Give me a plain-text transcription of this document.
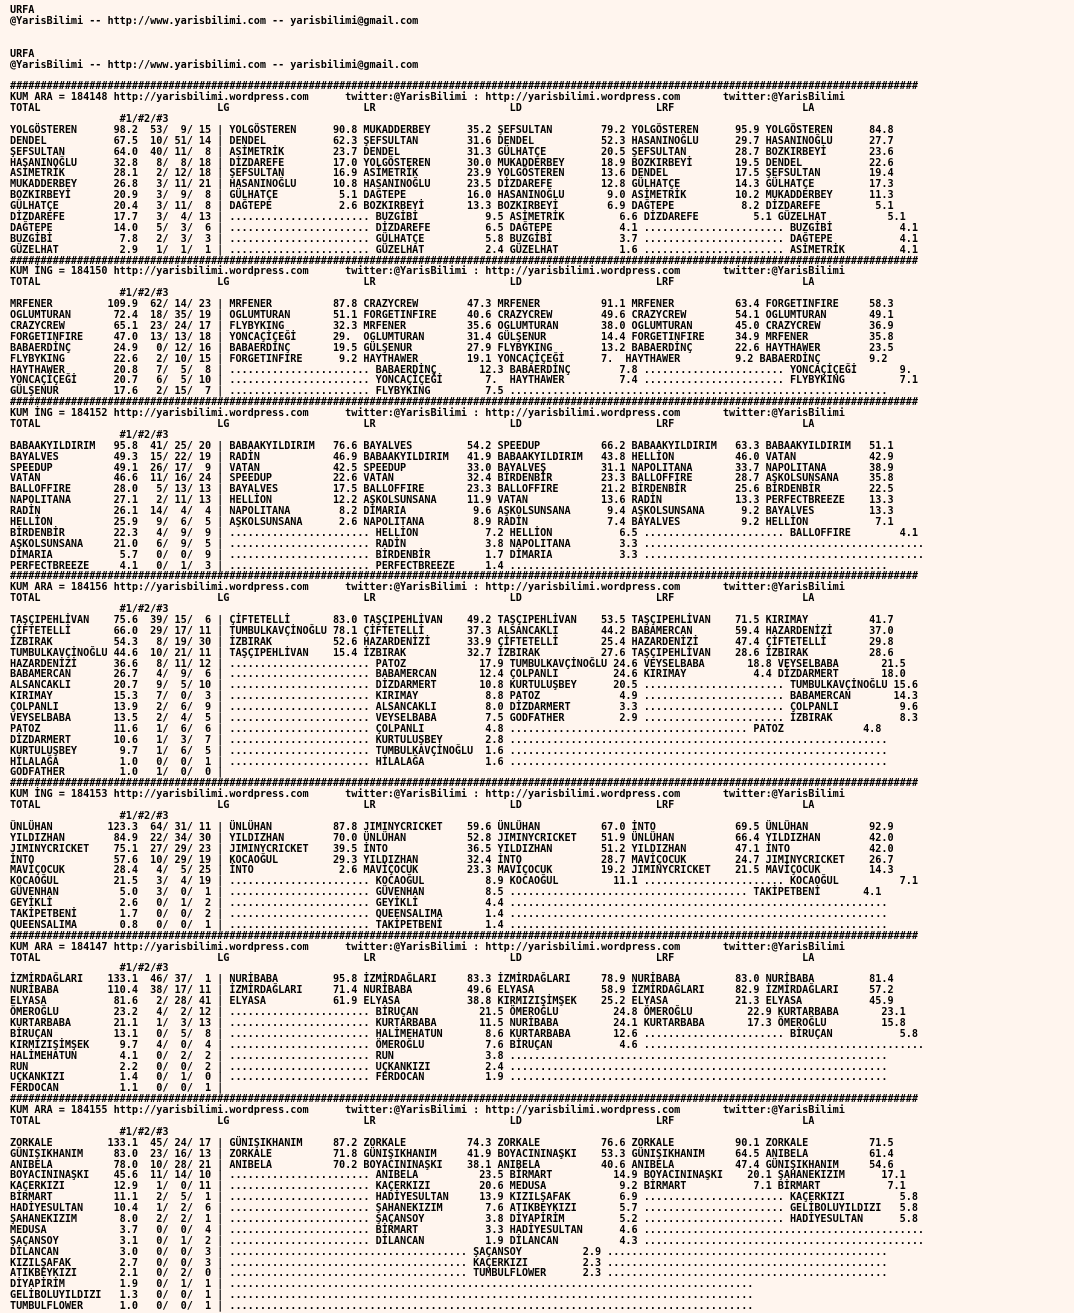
URFA
@YarisBilimi -- http://www.yarisbilimi.com -- yarisbilimi@gmail.com

URFA
@YarisBilimi -- http://www.yarisbilimi.com -- yarisbilimi@gmail.com

#####################################################################################################################################################
KUM ARA = 184148 http://yarisbilimi.wordpress.com      twitter:@YarisBilimi : http://yarisbilimi.wordpress.com       twitter:@YarisBilimi
TOTAL                             LG                      LR                      LD                      LRF                     LA
#1/#2/#3
YOLGÖSTEREN      98.2  53/  9/ 15 | YOLGÖSTEREN      90.8 MUKADDERBEY      35.2 ŞEFSULTAN        79.2 YOLGÖSTEREN      95.9 YOLGÖSTEREN      84.8
DENDEL           67.5  10/ 51/ 14 | DENDEL           62.3 ŞEFSULTAN        31.6 DENDEL           52.3 HASANINOĞLU      29.7 HASANINOĞLU      27.7
ŞEFSULTAN        64.0  40/ 11/  8 | ASİMETRİK        23.7 DENDEL           31.3 GÜLHATÇE         20.5 ŞEFSULTAN        28.7 BOZKIRBEYİ       23.6
HASANINOĞLU      32.8   8/  8/ 18 | DİZDAREFE        17.0 YOLGÖSTEREN      30.0 MUKADDERBEY      18.9 BOZKIRBEYİ       19.5 DENDEL           22.6
ASİMETRİK        28.1   2/ 12/ 18 | ŞEFSULTAN        16.9 ASİMETRİK        23.9 YOLGÖSTEREN      13.6 DENDEL           17.5 ŞEFSULTAN        19.4
MUKADDERBEY      26.8   3/ 11/ 21 | HASANINOĞLU      10.8 HASANINOĞLU      23.5 DİZDAREFE        12.8 GÜLHATÇE         14.3 GÜLHATÇE         17.3
BOZKIRBEYİ       20.9   3/  9/  8 | GÜLHATÇE          5.1 DAĞTEPE          16.0 HASANINOĞLU       9.0 ASİMETRİK        10.2 MUKADDERBEY      11.3
GÜLHATÇE         20.4   3/ 11/  8 | DAĞTEPE           2.6 BOZKIRBEYİ       13.3 BOZKIRBEYİ        6.9 DAĞTEPE           8.2 DİZDAREFE         5.1
DİZDAREFE        17.7   3/  4/ 13 | ....................... BUZGİBİ           9.5 ASİMETRİK         6.6 DİZDAREFE         5.1 GÜZELHAT          5.1
DAĞTEPE          14.0   5/  3/  6 | ....................... DİZDAREFE         6.5 DAĞTEPE           4.1 ....................... BUZGİBİ           4.1
BUZGİBİ           7.8   2/  3/  3 | ....................... GÜLHATÇE          5.8 BUZGİBİ           3.7 ....................... DAĞTEPE           4.1
GÜZELHAT          2.9   1/  1/  1 | ....................... GÜZELHAT          2.4 GÜZELHAT          1.6 ....................... ASİMETRİK         4.1
#####################################################################################################################################################
KUM İNG = 184150 http://yarisbilimi.wordpress.com      twitter:@YarisBilimi : http://yarisbilimi.wordpress.com       twitter:@YarisBilimi
TOTAL                             LG                      LR                      LD                      LRF                     LA
#1/#2/#3
MRFENER         109.9  62/ 14/ 23 | MRFENER          87.8 CRAZYCREW        47.3 MRFENER          91.1 MRFENER          63.4 FORGETINFIRE     58.3
OGLUMTURAN       72.4  18/ 35/ 19 | OGLUMTURAN       51.1 FORGETINFIRE     40.6 CRAZYCREW        49.6 CRAZYCREW        54.1 OGLUMTURAN       49.1
CRAZYCREW        65.1  23/ 24/ 17 | FLYBYKING        32.3 MRFENER          35.6 OGLUMTURAN       38.0 OGLUMTURAN       45.0 CRAZYCREW        36.9
FORGETINFIRE     47.0  13/ 13/ 18 | YONCAÇİÇEĞİ      29.  OGLUMTURAN       31.4 GÜLŞENUR         14.4 FORGETINFIRE     34.9 MRFENER          35.8
BABAERDİNÇ       24.9   0/ 12/ 16 | BABAERDİNÇ       19.5 GÜLŞENUR         27.9 FLYBYKING        13.2 BABAERDİNÇ       22.6 HAYTHAWER        23.5
FLYBYKING        22.6   2/ 10/ 15 | FORGETINFIRE      9.2 HAYTHAWER        19.1 YONCAÇİÇEĞİ      7.  HAYTHAWER         9.2 BABAERDİNÇ        9.2
HAYTHAWER        20.8   7/  5/  8 | ....................... BABAERDİNÇ       12.3 BABAERDİNÇ        7.8 ....................... YONCAÇİÇEĞİ       9.
YONCAÇİÇEĞİ      20.7   6/  5/ 10 | ....................... YONCAÇİÇEĞİ       7.  HAYTHAWER         7.4 ....................... FLYBYKING         7.1
GÜLŞENUR         17.6   2/ 15/  7 | ....................... FLYBYKING         7.5 ..............................................................
#####################################################################################################################################################
KUM İNG = 184152 http://yarisbilimi.wordpress.com      twitter:@YarisBilimi : http://yarisbilimi.wordpress.com       twitter:@YarisBilimi
TOTAL                             LG                      LR                      LD                      LRF                     LA
#1/#2/#3
BABAAKYILDIRIM   95.8  41/ 25/ 20 | BABAAKYILDIRIM   76.6 BAYALVES         54.2 SPEEDUP          66.2 BABAAKYILDIRIM   63.3 BABAAKYILDIRIM   51.1
BAYALVES         49.3  15/ 22/ 19 | RADİN            46.9 BABAAKYILDIRIM   41.9 BABAAKYILDIRIM   43.8 HELLİON          46.0 VATAN            42.9
SPEEDUP          49.1  26/ 17/  9 | VATAN            42.5 SPEEDUP          33.0 BAYALVEŞ         31.1 NAPOLITANA       33.7 NAPOLITANA       38.9
VATAN            46.6  11/ 16/ 24 | SPEEDUP          22.6 VATAN            32.4 BİRDENBİR        23.3 BALLOFFIRE       28.7 AŞKOLSUNSANA     35.8
BALLOFFIRE       28.0   5/ 13/ 13 | BAYALVES         17.5 BALLOFFIRE       23.3 BALLOFFIRE       21.2 BİRDENBİR        25.6 BİRDENBİR        22.5
NAPOLITANA       27.1   2/ 11/ 13 | HELLİON          12.2 AŞKOLSUNSANA     11.9 VATAN            13.6 RADİN            13.3 PERFECTBREEZE    13.3
RADİN            26.1  14/  4/  4 | NAPOLITANA        8.2 DİMARIA           9.6 AŞKOLSUNSANA      9.4 AŞKOLSUNSANA      9.2 BAYALVES         13.3
HELLİON          25.9   9/  6/  5 | AŞKOLSUNSANA      2.6 NAPOLITANA        8.9 RADİN             7.4 BAYALVES          9.2 HELLİON           7.1
BİRDENBİR        22.3   4/  9/  9 | ....................... HELLİON           7.2 HELLİON           6.5 ....................... BALLOFFIRE        4.1
AŞKOLSUNSANA     21.0   6/  9/  5 | ....................... RADİN             3.8 NAPOLITANA        3.3 ..............................................
DİMARIA           5.7   0/  0/  9 | ....................... BİRDENBİR         1.7 DİMARIA           3.3 ..............................................
PERFECTBREEZE     4.1   0/  1/  3 | ....................... PERFECTBREEZE     1.4 ..............................................................
#####################################################################################################################################################
KUM ARA = 184156 http://yarisbilimi.wordpress.com      twitter:@YarisBilimi : http://yarisbilimi.wordpress.com       twitter:@YarisBilimi
TOTAL                             LG                      LR                      LD                      LRF                     LA
#1/#2/#3
TAŞÇIPEHLİVAN    75.6  39/ 15/  6 | ÇİFTETELLİ       83.0 TAŞÇIPEHLİVAN    49.2 TAŞÇIPEHLİVAN    53.5 TAŞÇIPEHLİVAN    71.5 KIRIMAY          41.7
ÇİFTETELLİ       66.0  29/ 17/ 11 | TUMBULKAVÇİNOĞLU 78.1 ÇİFTETELLİ       37.3 ALSANCAKLI       44.2 BABAMERCAN       59.4 HAZARDENİZİ      37.0
İZBIRAK          54.3   8/ 19/ 30 | İZBIRAK          52.6 HAZARDENİZİ      33.9 ÇİFTETELLİ       25.4 HAZARDENİZİ      47.4 ÇİFTETELLİ       29.8
TUMBULKAVÇİNOĞLU 44.6  10/ 21/ 11 | TAŞÇIPEHLİVAN    15.4 İZBIRAK          32.7 İZBIRAK          27.6 TAŞÇIPEHLİVAN    28.6 İZBIRAK          28.6
HAZARDENİZİ      36.6   8/ 11/ 12 | ....................... PATOZ            17.9 TUMBULKAVÇİNOĞLU 24.6 VEYSELBABA       18.8 VEYSELBABA       21.5
BABAMERCAN       26.7   4/  9/  6 | ....................... BABAMERCAN       12.4 ÇOLPANLI         24.6 KIRIMAY           4.4 DİZDARMERT       18.0
ALSANCAKLI       20.7   9/  5/ 10 | ....................... DİZDARMERT       10.8 KURTULUŞBEY      20.5 ....................... TUMBULKAVÇİNOĞLU 15.6
KIRIMAY          15.3   7/  0/  3 | ....................... KIRIMAY           8.8 PATOZ             4.9 ....................... BABAMERCAN       14.3
ÇOLPANLI         13.9   2/  6/  9 | ....................... ALSANCAKLI        8.0 DİZDARMERT        3.3 ....................... ÇOLPANLI          9.6
VEYSELBABA       13.5   2/  4/  5 | ....................... VEYSELBABA        7.5 GODFATHER         2.9 ....................... İZBIRAK           8.3
PATOZ            11.6   1/  6/  6 | ....................... ÇOLPANLI          4.8 ....................................... PATOZ             4.8
DİZDARMERT       10.6   1/  3/  7 | ....................... KURTULUŞBEY       2.8 ..............................................................
KURTULUŞBEY       9.7   1/  6/  5 | ....................... TUMBULKAVÇİNOĞLU  1.6 ..............................................................
HİLALAĞA          1.0   0/  0/  1 | ....................... HİLALAĞA          1.6 ..............................................................
GODFATHER         1.0   1/  0/  0 |
#####################################################################################################################################################
KUM İNG = 184153 http://yarisbilimi.wordpress.com      twitter:@YarisBilimi : http://yarisbilimi.wordpress.com       twitter:@YarisBilimi
TOTAL                             LG                      LR                      LD                      LRF                     LA
#1/#2/#3
ÜNLÜHAN         123.3  64/ 31/ 11 | ÜNLÜHAN          87.8 JIMINYCRICKET    59.6 ÜNLÜHAN          67.0 İNTO             69.5 ÜNLÜHAN          92.9
YILDIZHAN        84.9  22/ 34/ 30 | YILDIZHAN        70.0 ÜNLÜHAN          52.8 JIMINYCRICKET    51.9 ÜNLÜHAN          66.4 YILDIZHAN        42.0
JIMINYCRICKET    75.1  27/ 29/ 23 | JIMINYCRICKET    39.5 İNTO             36.5 YILDIZHAN        51.2 YILDIZHAN        47.1 İNTO             42.0
İNTO             57.6  10/ 29/ 19 | KOCAOĞUL         29.3 YILDIZHAN        32.4 İNTO             28.7 MAVİÇOCUK        24.7 JIMINYCRICKET    26.7
MAVİÇOCUK        28.4   4/  5/ 25 | İNTO              2.6 MAVİÇOCUK        23.3 MAVİÇOCUK        19.2 JIMINYCRICKET    21.5 MAVİÇOCUK        14.3
KOCAOĞUL         21.5   3/  4/ 19 | ....................... KOCAOĞUL          8.9 KOCAOĞUL         11.1 ....................... KOCAOĞUL          7.1
GÜVENHAN          5.0   3/  0/  1 | ....................... GÜVENHAN          8.5 ....................................... TAKİPETBENİ       4.1
GEYİKLİ           2.6   0/  1/  2 | ....................... GEYİKLİ           4.4 ..............................................................
TAKİPETBENİ       1.7   0/  0/  2 | ....................... QUEENSALIMA       1.4 ..............................................................
QUEENSALIMA       0.8   0/  0/  1 | ....................... TAKİPETBENİ       1.4 ..............................................................
#####################################################################################################################################################
KUM ARA = 184147 http://yarisbilimi.wordpress.com      twitter:@YarisBilimi : http://yarisbilimi.wordpress.com       twitter:@YarisBilimi
TOTAL                             LG                      LR                      LD                      LRF                     LA
#1/#2/#3
İZMİRDAĞLARI    133.1  46/ 37/  1 | NURİBABA         95.8 İZMİRDAĞLARI     83.3 İZMİRDAĞLARI     78.9 NURİBABA         83.0 NURİBABA         81.4
NURİBABA        110.4  38/ 17/ 11 | İZMİRDAĞLARI     71.4 NURİBABA         49.6 ELYASA           58.9 İZMİRDAĞLARI     82.9 İZMİRDAĞLARI     57.2
ELYASA           81.6   2/ 28/ 41 | ELYASA           61.9 ELYASA           38.8 KIRMIZIŞİMŞEK    25.2 ELYASA           21.3 ELYASA           45.9
ÖMEROĞLU         23.2   4/  2/ 12 | ....................... BİRUÇAN          21.5 ÖMEROĞLU         24.8 ÖMEROĞLU         22.9 KURTARBABA       23.1
KURTARBABA       21.1   1/  3/ 13 | ....................... KURTARBABA       11.5 NURİBABA         24.1 KURTARBABA       17.3 ÖMEROĞLU         15.8
BİRUÇAN          13.1   0/  5/  8 | ....................... HALİMEHATUN       8.6 KURTARBABA       12.6 ....................... BİRUÇAN           5.8
KIRMIZIŞİMŞEK     9.7   4/  0/  4 | ....................... ÖMEROĞLU          7.6 BİRUÇAN           4.6 ..............................................
HALİMEHATUN       4.1   0/  2/  2 | ....................... RUN               3.8 ..............................................................
RUN               2.2   0/  0/  2 | ....................... UÇKANKIZI         2.4 ..............................................................
UÇKANKIZI         1.4   0/  1/  0 | ....................... FERDOCAN          1.9 ..............................................................
FERDOCAN          1.1   0/  0/  1 |
#####################################################################################################################################################
KUM ARA = 184155 http://yarisbilimi.wordpress.com      twitter:@YarisBilimi : http://yarisbilimi.wordpress.com       twitter:@YarisBilimi
TOTAL                             LG                      LR                      LD                      LRF                     LA
#1/#2/#3
ZORKALE         133.1  45/ 24/ 17 | GÜNIŞIKHANIM     87.2 ZORKALE          74.3 ZORKALE          76.6 ZORKALE          90.1 ZORKALE          71.5
GÜNIŞIKHANIM     83.0  23/ 16/ 13 | ZORKALE          71.8 GÜNIŞIKHANIM     41.9 BOYACININAŞKI    53.3 GÜNIŞIKHANIM     64.5 ANIBELA          61.4
ANIBELA          78.0  10/ 28/ 21 | ANIBELA          70.2 BOYACININAŞKI    38.1 ANIBELA          40.6 ANIBELA          47.4 GÜNIŞIKHANIM     54.6
BOYACININAŞKI    45.6  11/ 14/ 10 | ....................... ANIBELA          23.5 BİRMART          14.9 BOYACININAŞKI    20.1 ŞAHANEKIZIM      17.1
KAÇERKIZI        12.9   1/  0/ 11 | ....................... KAÇERKIZI        20.6 MEDUSA            9.2 BİRMART           7.1 BİRMART           7.1
BİRMART          11.1   2/  5/  1 | ....................... HADİYESULTAN     13.9 KIZILŞAFAK        6.9 ....................... KAÇERKIZI         5.8
HADİYESULTAN     10.4   1/  2/  6 | ....................... ŞAHANEKIZIM       7.6 ATIKBEYKIZI       5.7 ....................... GELİBOLUYILDIZI   5.8
ŞAHANEKIZIM       8.0   2/  2/  1 | ....................... ŞAÇANSOY          3.8 DİYAPİRİM         5.2 ....................... HADİYESULTAN      5.8
MEDUSA            3.7   0/  0/  4 | ....................... BİRMART           3.3 HADİYESULTAN      4.6 ..............................................
ŞAÇANSOY          3.1   0/  1/  2 | ....................... DİLANCAN          1.9 DİLANCAN          4.3 ..............................................
DİLANCAN          3.0   0/  0/  3 | ....................................... ŞAÇANSOY          2.9 ..............................................
KIZILŞAFAK        2.7   0/  0/  3 | ....................................... KAÇERKIZI         2.3 ..............................................
ATIKBEYKIZI       2.1   0/  2/  0 | ....................................... TUMBULFLOWER      2.3 ..............................................
DİYAPİRİM         1.9   0/  1/  1 | ......................................................................................
GELİBOLUYILDIZI   1.3   0/  0/  1 | ......................................................................................
TUMBULFLOWER      1.0   0/  0/  1 | ......................................................................................
